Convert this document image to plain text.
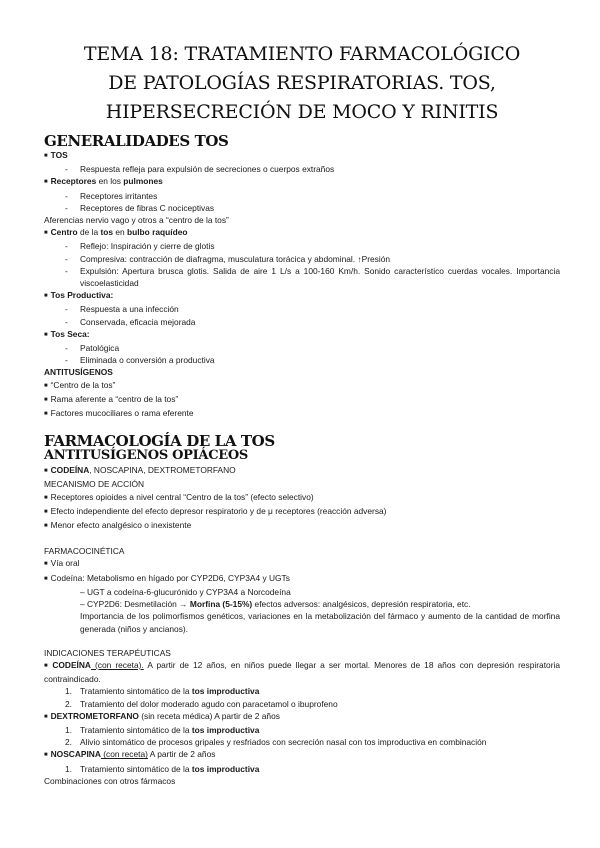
TEMA 18: TRATAMIENTO FARMACOLÓGICO
DE PATOLOGÍAS RESPIRATORIAS. TOS,
HIPERSECRECIÓN DE MOCO Y RINITIS
GENERALIDADES TOS

■ TOS

- Respuesta refleja para expulsión de secreciones o cuerpos extraños

■ Receptores en los pulmones

- Receptores irritantes

- Receptores de fibras C nociceptivas

Aferencias nervio vago y otros a “centro de la tos”

■ Centro de la tos en bulbo raquídeo

- Reflejo: Inspiración y cierre de glotis

- Compresiva: contracción de diafragma, musculatura torácica y abdominal. ↑Presión

- Expulsión: Apertura brusca glotis. Salida de aire 1 L/s a 100-160 Km/h. Sonido característico cuerdas vocales. Importancia viscoelasticidad

■ Tos Productiva:

- Respuesta a una infección

- Conservada, eficacia mejorada

■ Tos Seca:

- Patológica

- Eliminada o conversión a productiva

ANTITUSÍGENOS

■ “Centro de la tos”

■ Rama aferente a “centro de la tos”

■ Factores mucociliares o rama eferente

FARMACOLOGÍA DE LA TOS
ANTITUSÍGENOS OPIÁCEOS

■ CODEÍNA, NOSCAPINA, DEXTROMETORFANO

MECANISMO DE ACCIÓN

■ Receptores opioides a nivel central “Centro de la tos” (efecto selectivo)

■ Efecto independiente del efecto depresor respiratorio y de μ receptores (reacción adversa)

■ Menor efecto analgésico o inexistente

FARMACOCINÉTICA

■ Vía oral

■ Codeína: Metabolismo en hígado por CYP2D6, CYP3A4 y UGTs

– UGT a codeína-6-glucurónido y CYP3A4 a Norcodeína

– CYP2D6: Desmetilación → Morfina (5-15%) efectos adversos: analgésicos, depresión respiratoria, etc.

Importancia de los polimorfismos genéticos, variaciones en la metabolización del fármaco y aumento de la cantidad de morfina generada (niños y ancianos).

INDICACIONES TERAPÉUTICAS

■ CODEÍNA (con receta). A partir de 12 años, en niños puede llegar a ser mortal. Menores de 18 años con depresión respiratoria contraindicado.

1. Tratamiento sintomático de la tos improductiva

2. Tratamiento del dolor moderado agudo con paracetamol o ibuprofeno

■ DEXTROMETORFANO (sin receta médica) A partir de 2 años

1. Tratamiento sintomático de la tos improductiva

2. Alivio sintomático de procesos gripales y resfriados con secreción nasal con tos improductiva en combinación

■ NOSCAPINA (con receta) A partir de 2 años

1. Tratamiento sintomático de la tos improductiva

Combinaciones con otros fármacos
